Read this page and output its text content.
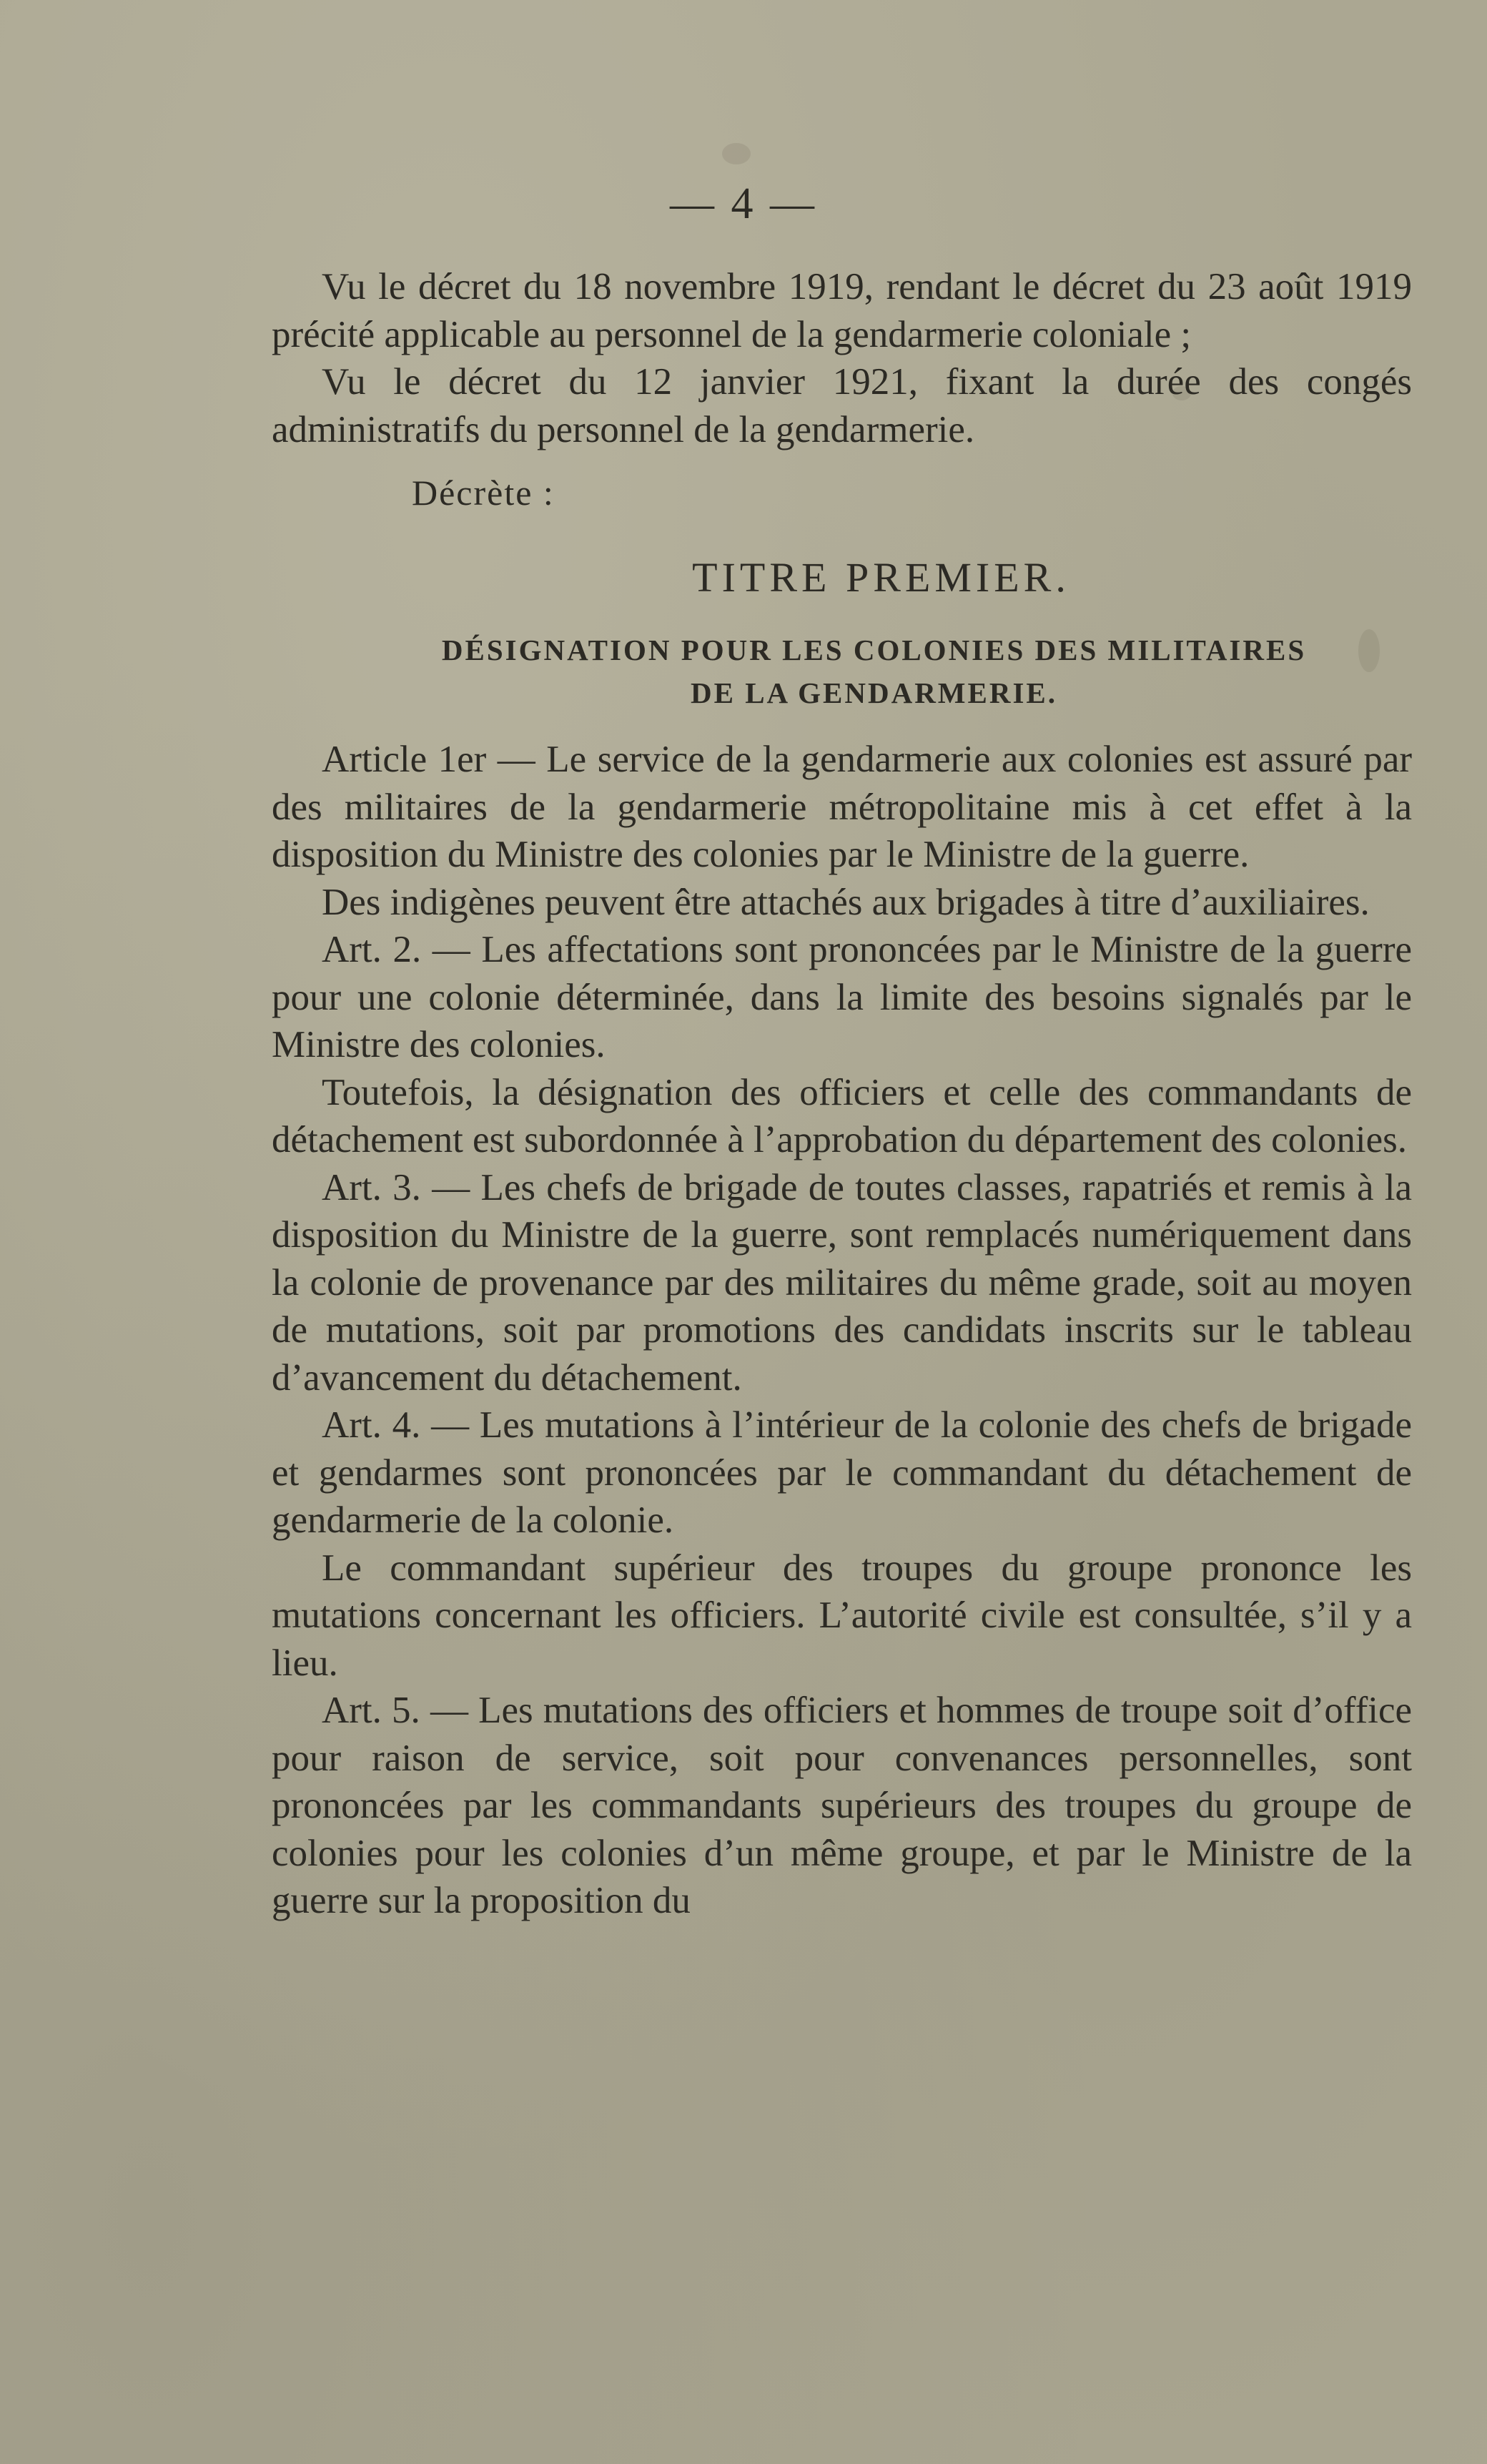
— 4 —

Vu le décret du 18 novembre 1919, rendant le décret du 23 août 1919 précité applicable au personnel de la gendarmerie coloniale ;

Vu le décret du 12 janvier 1921, fixant la durée des congés administratifs du personnel de la gendarmerie.

Décrète :

TITRE PREMIER.

DÉSIGNATION POUR LES COLONIES DES MILITAIRES
DE LA GENDARMERIE.

Article 1er — Le service de la gendarmerie aux colonies est assuré par des militaires de la gendarmerie métropolitaine mis à cet effet à la disposition du Ministre des colonies par le Ministre de la guerre.

Des indigènes peuvent être attachés aux brigades à titre d’auxiliaires.

Art. 2. — Les affectations sont prononcées par le Ministre de la guerre pour une colonie déterminée, dans la limite des besoins signalés par le Ministre des colonies.

Toutefois, la désignation des officiers et celle des commandants de détachement est subordonnée à l’approbation du département des colonies.

Art. 3. — Les chefs de brigade de toutes classes, rapatriés et remis à la disposition du Ministre de la guerre, sont remplacés numériquement dans la colonie de provenance par des militaires du même grade, soit au moyen de mutations, soit par promotions des candidats inscrits sur le tableau d’avancement du détachement.

Art. 4. — Les mutations à l’intérieur de la colonie des chefs de brigade et gendarmes sont prononcées par le commandant du détachement de gendarmerie de la colonie.

Le commandant supérieur des troupes du groupe prononce les mutations concernant les officiers. L’autorité civile est consultée, s’il y a lieu.

Art. 5. — Les mutations des officiers et hommes de troupe soit d’office pour raison de service, soit pour convenances personnelles, sont prononcées par les commandants supérieurs des troupes du groupe de colonies pour les colonies d’un même groupe, et par le Ministre de la guerre sur la proposition du
